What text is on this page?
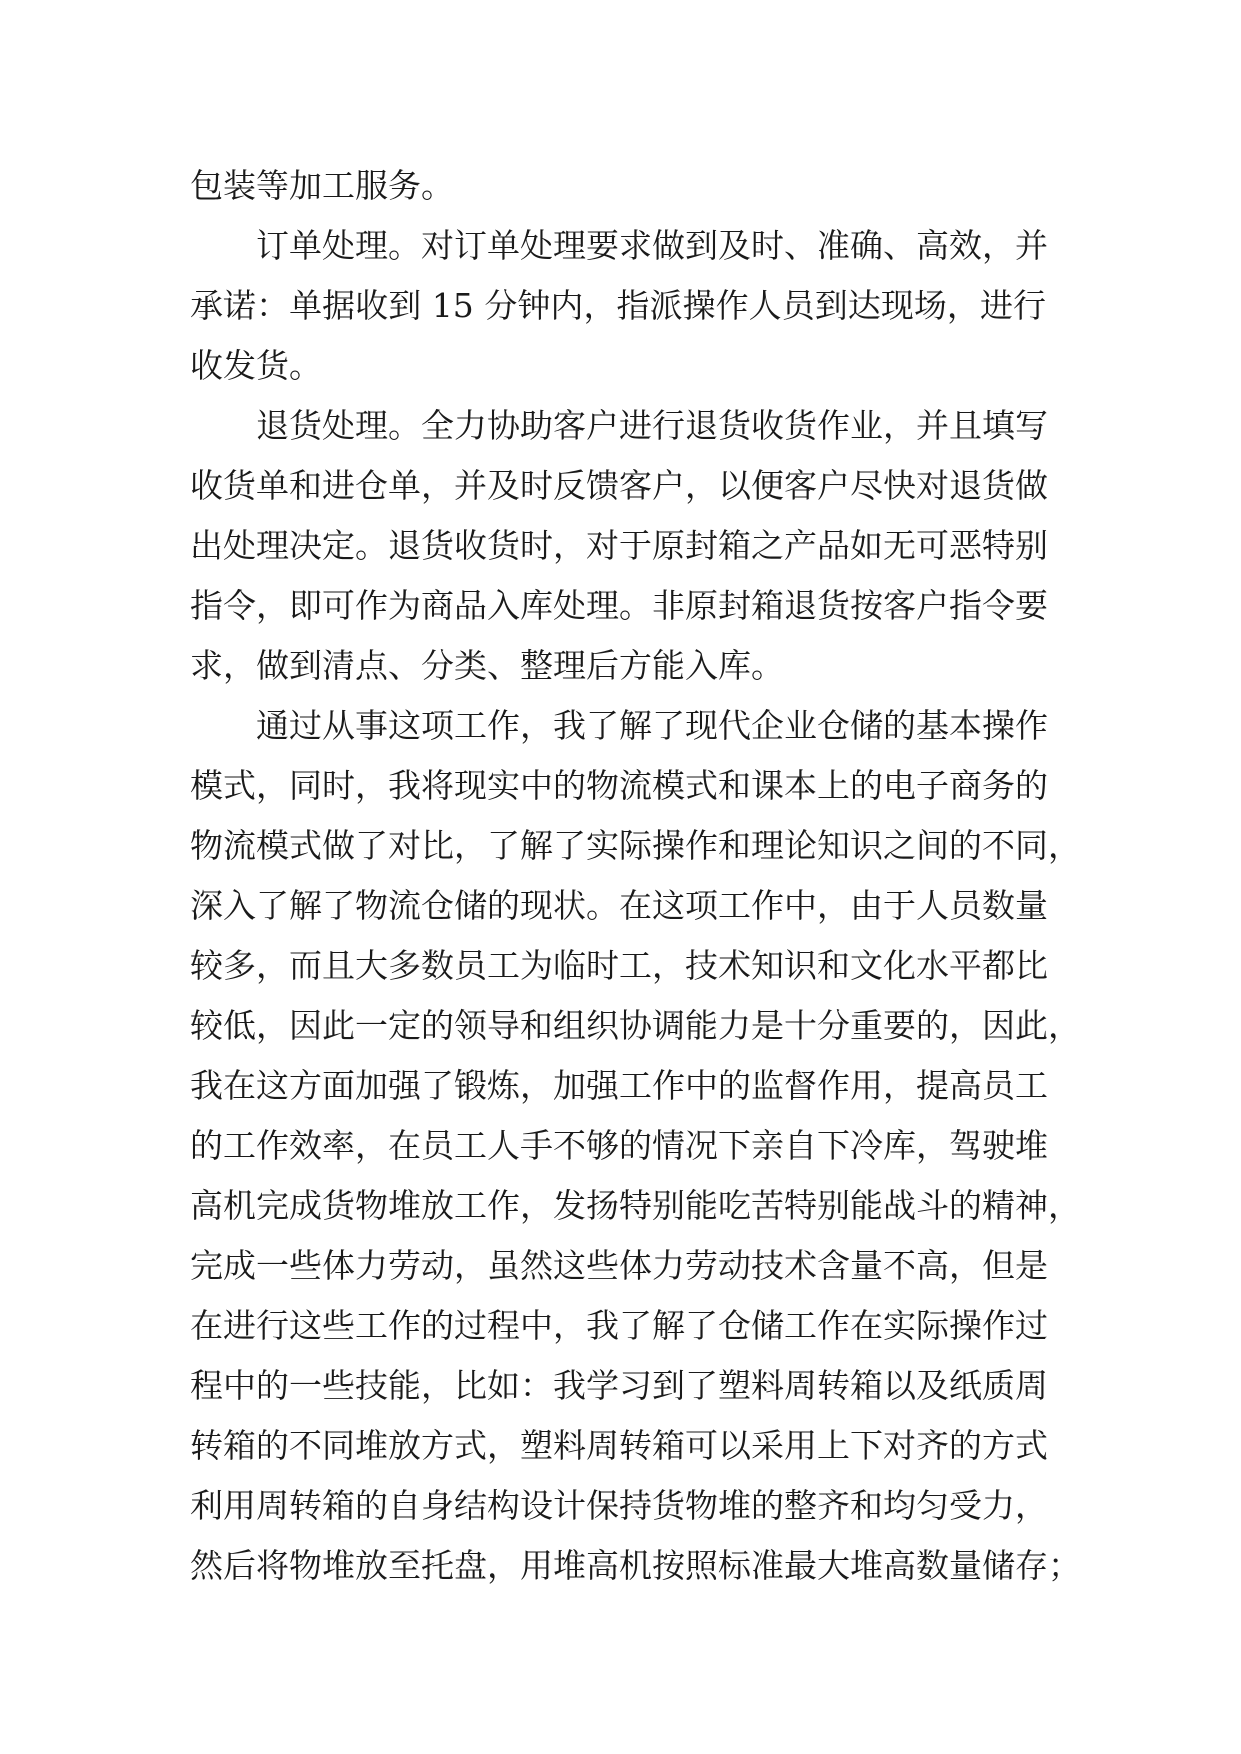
包装等加工服务。
订单处理。对订单处理要求做到及时、准确、高效，并
承诺：单据收到 15 分钟内，指派操作人员到达现场，进行
收发货。
退货处理。全力协助客户进行退货收货作业，并且填写
收货单和进仓单，并及时反馈客户，以便客户尽快对退货做
出处理决定。退货收货时，对于原封箱之产品如无可恶特别
指令，即可作为商品入库处理。非原封箱退货按客户指令要
求，做到清点、分类、整理后方能入库。
通过从事这项工作，我了解了现代企业仓储的基本操作
模式，同时，我将现实中的物流模式和课本上的电子商务的
物流模式做了对比，了解了实际操作和理论知识之间的不同，
深入了解了物流仓储的现状。在这项工作中，由于人员数量
较多，而且大多数员工为临时工，技术知识和文化水平都比
较低，因此一定的领导和组织协调能力是十分重要的，因此，
我在这方面加强了锻炼，加强工作中的监督作用，提高员工
的工作效率，在员工人手不够的情况下亲自下冷库，驾驶堆
高机完成货物堆放工作，发扬特别能吃苦特别能战斗的精神，
完成一些体力劳动，虽然这些体力劳动技术含量不高，但是
在进行这些工作的过程中，我了解了仓储工作在实际操作过
程中的一些技能，比如：我学习到了塑料周转箱以及纸质周
转箱的不同堆放方式，塑料周转箱可以采用上下对齐的方式
利用周转箱的自身结构设计保持货物堆的整齐和均匀受力，
然后将物堆放至托盘，用堆高机按照标准最大堆高数量储存；
